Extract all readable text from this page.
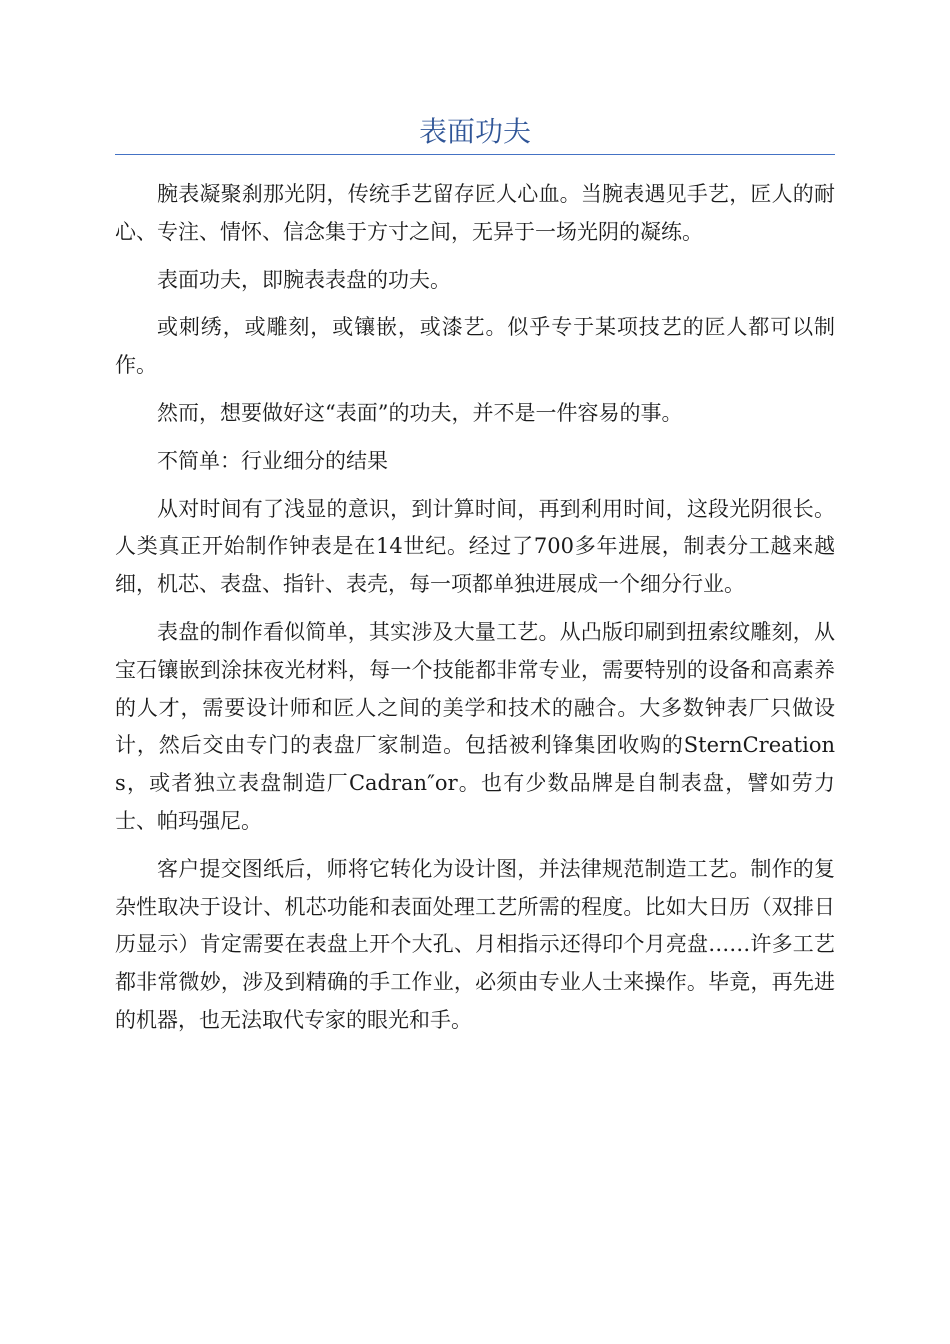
表面功夫

腕表凝聚刹那光阴，传统手艺留存匠人心血。当腕表遇见手艺，匠人的耐心、专注、情怀、信念集于方寸之间，无异于一场光阴的凝练。

表面功夫，即腕表表盘的功夫。

或刺绣，或雕刻，或镶嵌，或漆艺。似乎专于某项技艺的匠人都可以制作。

然而，想要做好这“表面”的功夫，并不是一件容易的事。

不简单：行业细分的结果

从对时间有了浅显的意识，到计算时间，再到利用时间，这段光阴很长。人类真正开始制作钟表是在14世纪。经过了700多年进展，制表分工越来越细，机芯、表盘、指针、表壳，每一项都单独进展成一个细分行业。

表盘的制作看似简单，其实涉及大量工艺。从凸版印刷到扭索纹雕刻，从宝石镶嵌到涂抹夜光材料，每一个技能都非常专业，需要特别的设备和高素养的人才，需要设计师和匠人之间的美学和技术的融合。大多数钟表厂只做设计，然后交由专门的表盘厂家制造。包括被利锋集团收购的SternCreations，或者独立表盘制造厂Cadran″or。也有少数品牌是自制表盘，譬如劳力士、帕玛强尼。

客户提交图纸后，师将它转化为设计图，并法律规范制造工艺。制作的复杂性取决于设计、机芯功能和表面处理工艺所需的程度。比如大日历（双排日历显示）肯定需要在表盘上开个大孔、月相指示还得印个月亮盘……许多工艺都非常微妙，涉及到精确的手工作业，必须由专业人士来操作。毕竟，再先进的机器，也无法取代专家的眼光和手。
